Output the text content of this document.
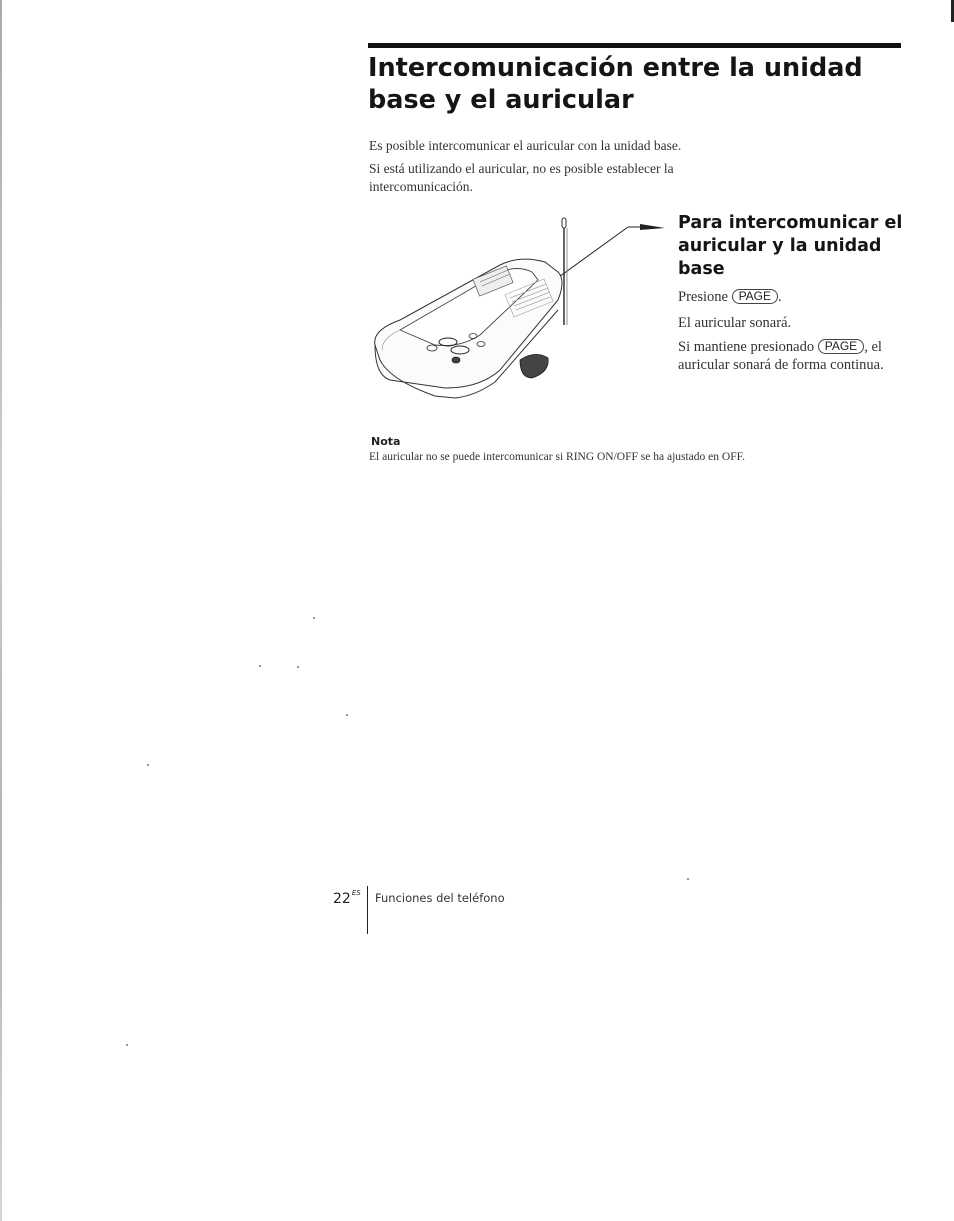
Intercomunicación entre la unidad
base y el auricular

Es posible intercomunicar el auricular con la unidad base.

Si está utilizando el auricular, no es posible establecer la intercomunicación.

Para intercomunicar el auricular y la unidad base

Presione PAGE .

El auricular sonará.

Si mantiene presionado PAGE , el auricular sonará de forma continua.

Nota

El auricular no se puede intercomunicar si RING ON/OFF se ha ajustado en OFF.

$22^{ES}$ Funciones del teléfono
